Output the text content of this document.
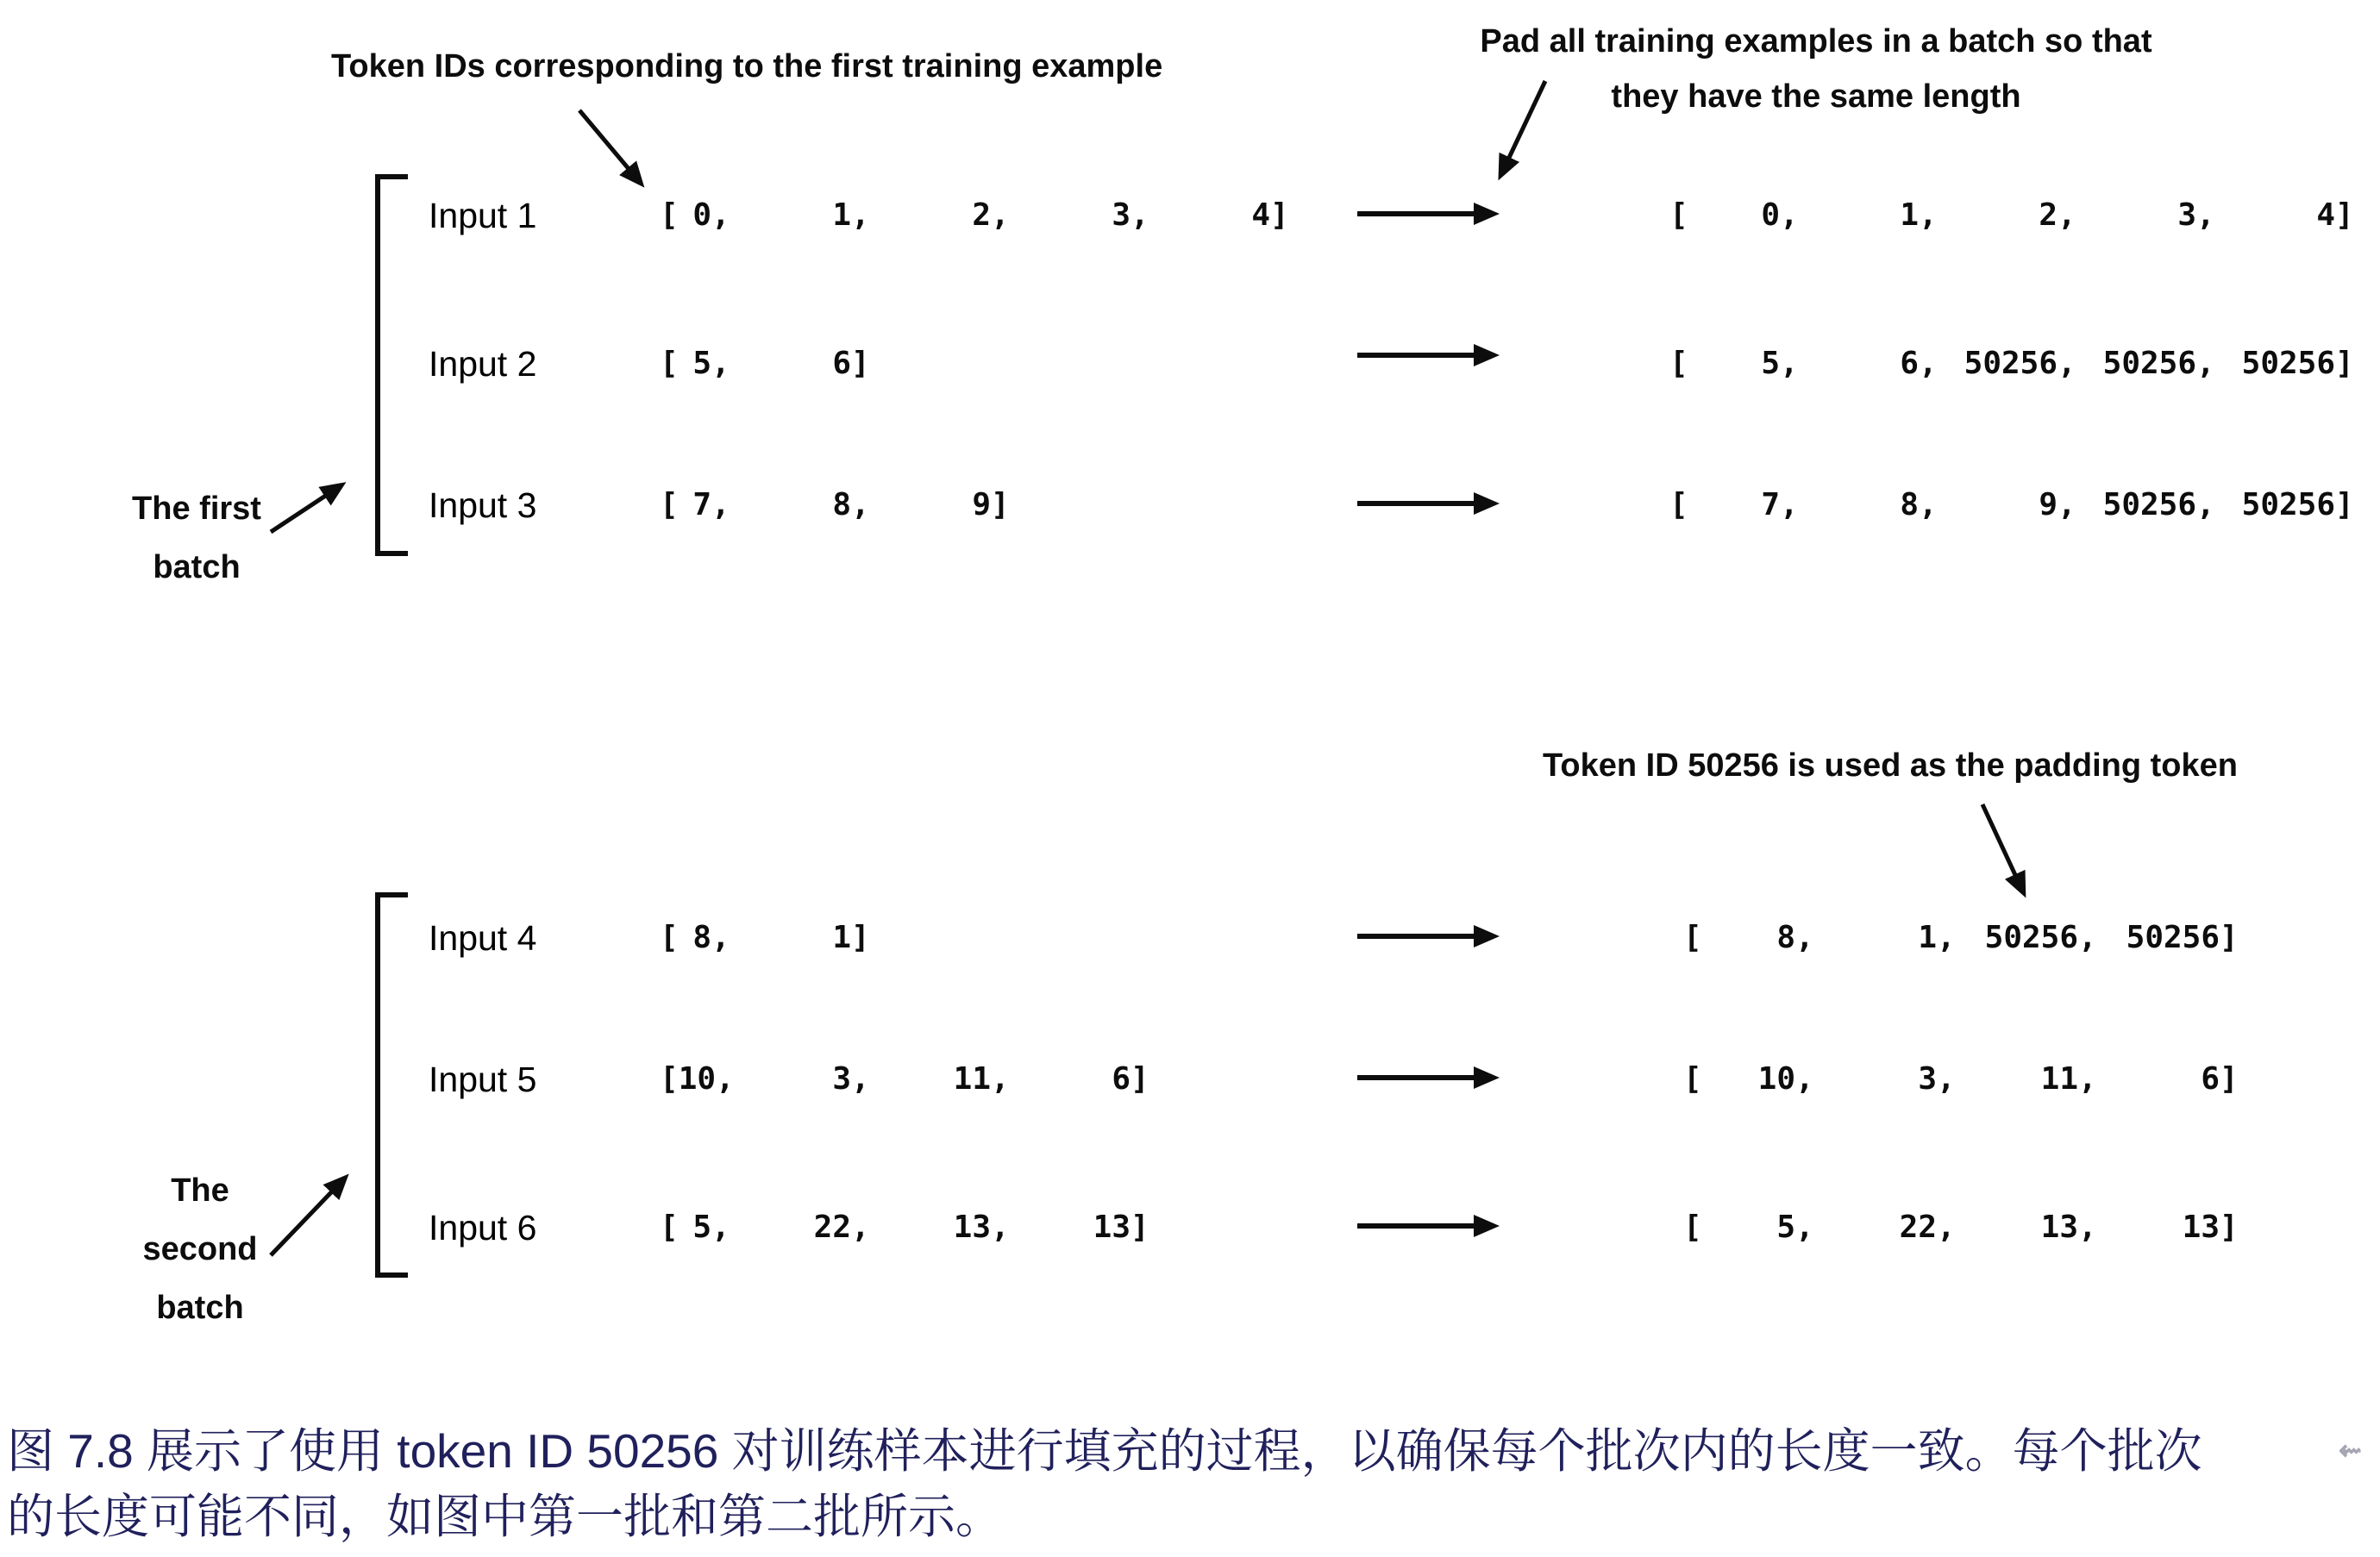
Token IDs corresponding to the first training example
Pad all training examples in a batch so that
they have the same length
Token ID 50256 is used as the padding token
The first
batch
The
second
batch
Input 1	[ 0,	1,	2,	3,	4]	[	0,	1,	2,	3,	4]
Input 2	[ 5,	6]	[	5,	6, 50256, 50256, 50256]
Input 3	[ 7,	8,	9]	[	7,	8,	9, 50256, 50256]
Input 4	[ 8,	1]	[	8,	1, 50256, 50256]
Input 5	[ 10,	3,	11,	6]	[	10,	3,	11,	6]
Input 6	[ 5,	22,	13,	13]	[	5,	22,	13,	13]
图 7.8 展示了使用 token ID 50256 对训练样本进行填充的过程，以确保每个批次内的长度一致。每个批次
的长度可能不同，如图中第一批和第二批所示。
⇜
